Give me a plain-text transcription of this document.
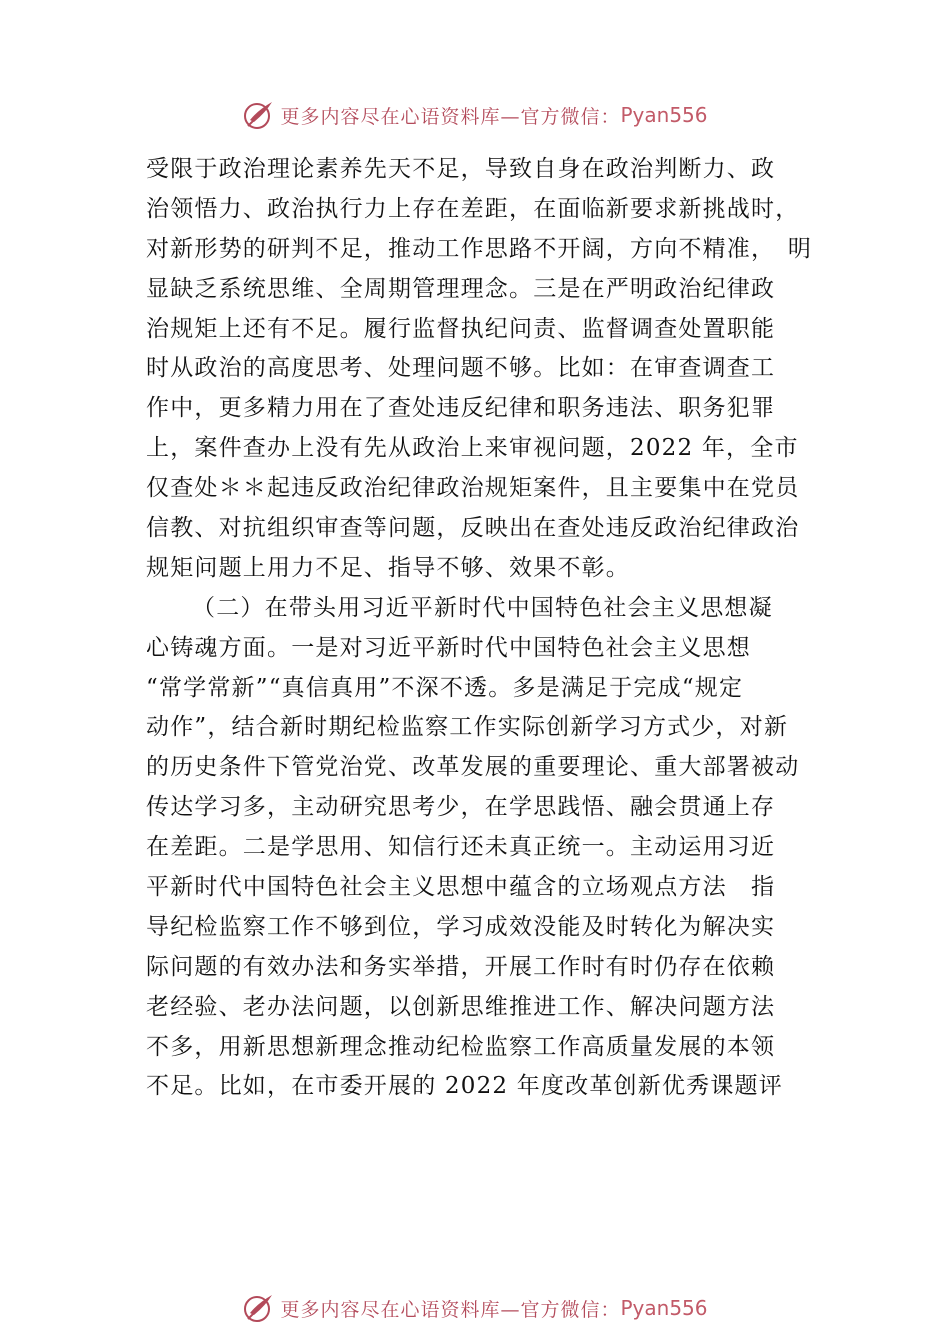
更多内容尽在心语资料库—官方微信： Pyan556
受限于政治理论素养先天不足，导致自身在政治判断力、政
治领悟力、政治执行力上存在差距，在面临新要求新挑战时，
对新形势的研判不足，推动工作思路不开阔，方向不精准，　明
显缺乏系统思维、全周期管理理念。三是在严明政治纪律政
治规矩上还有不足。履行监督执纪问责、监督调查处置职能
时从政治的高度思考、处理问题不够。比如：在审查调查工
作中，更多精力用在了查处违反纪律和职务违法、职务犯罪
上，案件查办上没有先从政治上来审视问题，2022 年，全市
仅查处＊＊起违反政治纪律政治规矩案件，且主要集中在党员
信教、对抗组织审查等问题，反映出在查处违反政治纪律政治
规矩问题上用力不足、指导不够、效果不彰。
（二）在带头用习近平新时代中国特色社会主义思想凝
心铸魂方面。一是对习近平新时代中国特色社会主义思想
“常学常新”“真信真用”不深不透。多是满足于完成“规定
动作”，结合新时期纪检监察工作实际创新学习方式少，对新
的历史条件下管党治党、改革发展的重要理论、重大部署被动
传达学习多，主动研究思考少，在学思践悟、融会贯通上存
在差距。二是学思用、知信行还未真正统一。主动运用习近
平新时代中国特色社会主义思想中蕴含的立场观点方法　指
导纪检监察工作不够到位，学习成效没能及时转化为解决实
际问题的有效办法和务实举措，开展工作时有时仍存在依赖
老经验、老办法问题，以创新思维推进工作、解决问题方法
不多，用新思想新理念推动纪检监察工作高质量发展的本领
不足。比如，在市委开展的 2022 年度改革创新优秀课题评
更多内容尽在心语资料库—官方微信： Pyan556
